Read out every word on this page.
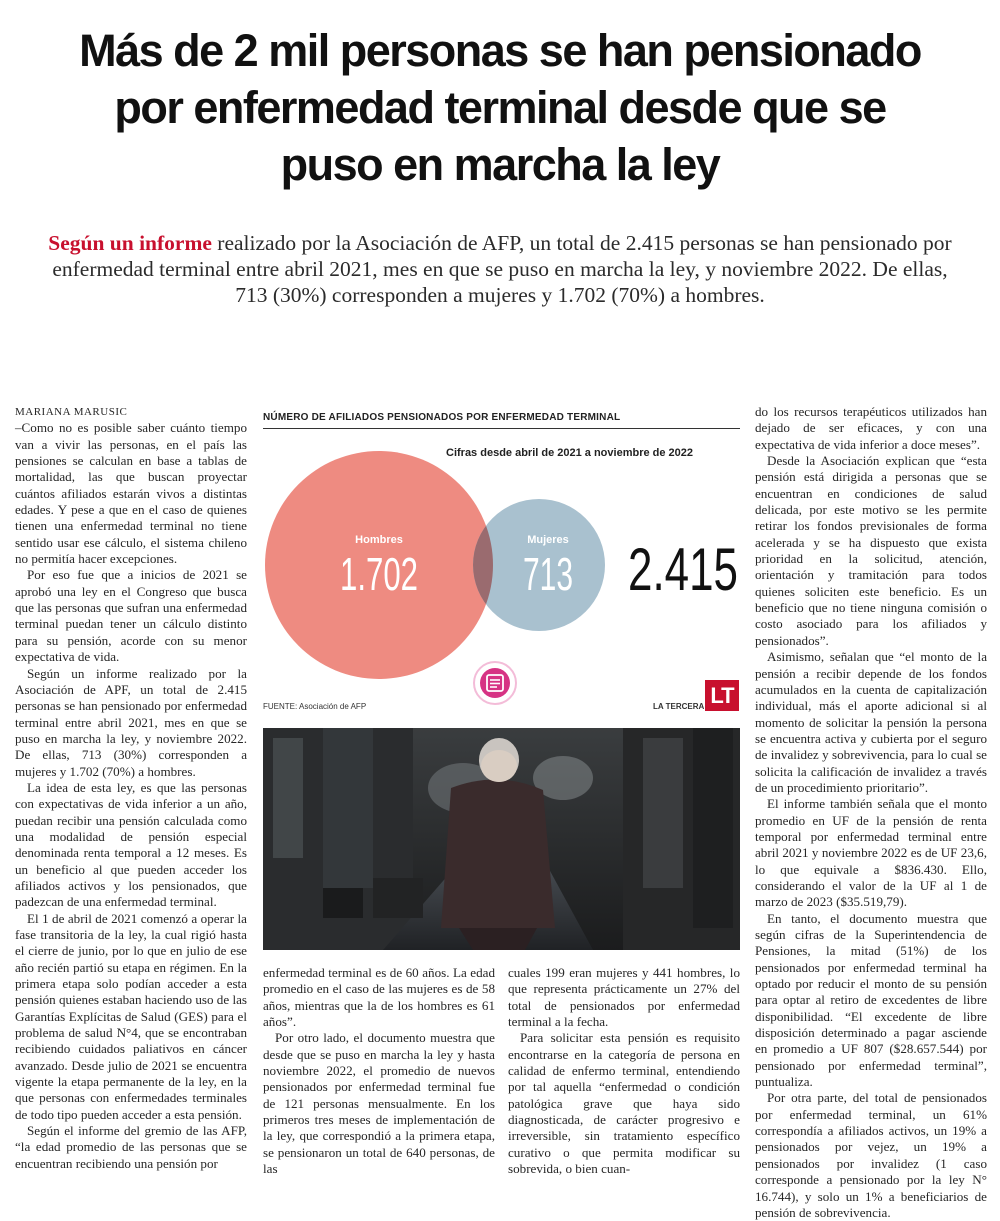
Más de 2 mil personas se han pensionado
por enfermedad terminal desde que se
puso en marcha la ley
Según un informe realizado por la Asociación de AFP, un total de 2.415 personas se han pensionado por
enfermedad terminal entre abril 2021, mes en que se puso en marcha la ley, y noviembre 2022. De ellas,
713 (30%) corresponden a mujeres y 1.702 (70%) a hombres.

MARIANA MARUSIC

–Como no es posible saber cuánto tiempo van a vivir las personas, en el país las pensiones se calculan en base a tablas de mortalidad, las que buscan proyectar cuántos afiliados estarán vivos a distintas edades. Y pese a que en el caso de quienes tienen una enfermedad terminal no tiene sentido usar ese cálculo, el sistema chileno no permitía hacer excepciones.

Por eso fue que a inicios de 2021 se aprobó una ley en el Congreso que busca que las personas que sufran una enfermedad terminal puedan tener un cálculo distinto para su pensión, acorde con su menor expectativa de vida.

Según un informe realizado por la Asociación de APF, un total de 2.415 personas se han pensionado por enfermedad terminal entre abril 2021, mes en que se puso en marcha la ley, y noviembre 2022. De ellas, 713 (30%) corresponden a mujeres y 1.702 (70%) a hombres.

La idea de esta ley, es que las personas con expectativas de vida inferior a un año, puedan recibir una pensión calculada como una modalidad de pensión especial denominada renta temporal a 12 meses. Es un beneficio al que pueden acceder los afiliados activos y los pensionados, que padezcan de una enfermedad terminal.

El 1 de abril de 2021 comenzó a operar la fase transitoria de la ley, la cual rigió hasta el cierre de junio, por lo que en julio de ese año recién partió su etapa en régimen. En la primera etapa solo podían acceder a esta pensión quienes estaban haciendo uso de las Garantías Explícitas de Salud (GES) para el problema de salud N°4, que se encontraban recibiendo cuidados paliativos en cáncer avanzado. Desde julio de 2021 se encuentra vigente la etapa permanente de la ley, en la que personas con enfermedades terminales de todo tipo pueden acceder a esta pensión.

Según el informe del gremio de las AFP, “la edad promedio de las personas que se encuentran recibiendo una pensión por

NÚMERO DE AFILIADOS PENSIONADOS POR ENFERMEDAD TERMINAL
Cifras desde abril de 2021 a noviembre de 2022
Hombres
1.702
Mujeres
713 2.415
FUENTE: Asociación de AFP	LA TERCERA LT

enfermedad terminal es de 60 años. La edad promedio en el caso de las mujeres es de 58 años, mientras que la de los hombres es 61 años”.

Por otro lado, el documento muestra que desde que se puso en marcha la ley y hasta noviembre 2022, el promedio de nuevos pensionados por enfermedad terminal fue de 121 personas mensualmente. En los primeros tres meses de implementación de la ley, que correspondió a la primera etapa, se pensionaron un total de 640 personas, de las

cuales 199 eran mujeres y 441 hombres, lo que representa prácticamente un 27% del total de pensionados por enfermedad terminal a la fecha.

Para solicitar esta pensión es requisito encontrarse en la categoría de persona en calidad de enfermo terminal, entendiendo por tal aquella “enfermedad o condición patológica grave que haya sido diagnosticada, de carácter progresivo e irreversible, sin tratamiento específico curativo o que permita modificar su sobrevida, o bien cuan-

do los recursos terapéuticos utilizados han dejado de ser eficaces, y con una expectativa de vida inferior a doce meses”.

Desde la Asociación explican que “esta pensión está dirigida a personas que se encuentran en condiciones de salud delicada, por este motivo se les permite retirar los fondos previsionales de forma acelerada y se ha dispuesto que exista prioridad en la solicitud, atención, orientación y tramitación para todos quienes soliciten este beneficio. Es un beneficio que no tiene ninguna comisión o costo asociado para los afiliados y pensionados”.

Asimismo, señalan que “el monto de la pensión a recibir depende de los fondos acumulados en la cuenta de capitalización individual, más el aporte adicional si al momento de solicitar la pensión la persona se encuentra activa y cubierta por el seguro de invalidez y sobrevivencia, para lo cual se solicita la calificación de invalidez a través de un procedimiento prioritario”.

El informe también señala que el monto promedio en UF de la pensión de renta temporal por enfermedad terminal entre abril 2021 y noviembre 2022 es de UF 23,6, lo que equivale a $836.430. Ello, considerando el valor de la UF al 1 de marzo de 2023 ($35.519,79).

En tanto, el documento muestra que según cifras de la Superintendencia de Pensiones, la mitad (51%) de los pensionados por enfermedad terminal ha optado por reducir el monto de su pensión para optar al retiro de excedentes de libre disponibilidad. “El excedente de libre disposición determinado a pagar asciende en promedio a UF 807 ($28.657.544) por pensionado por enfermedad terminal”, puntualiza.

Por otra parte, del total de pensionados por enfermedad terminal, un 61% correspondía a afiliados activos, un 19% a pensionados por vejez, un 19% a pensionados por invalidez (1 caso corresponde a pensionado por la ley N° 16.744), y solo un 1% a beneficiarios de pensión de sobrevivencia.
